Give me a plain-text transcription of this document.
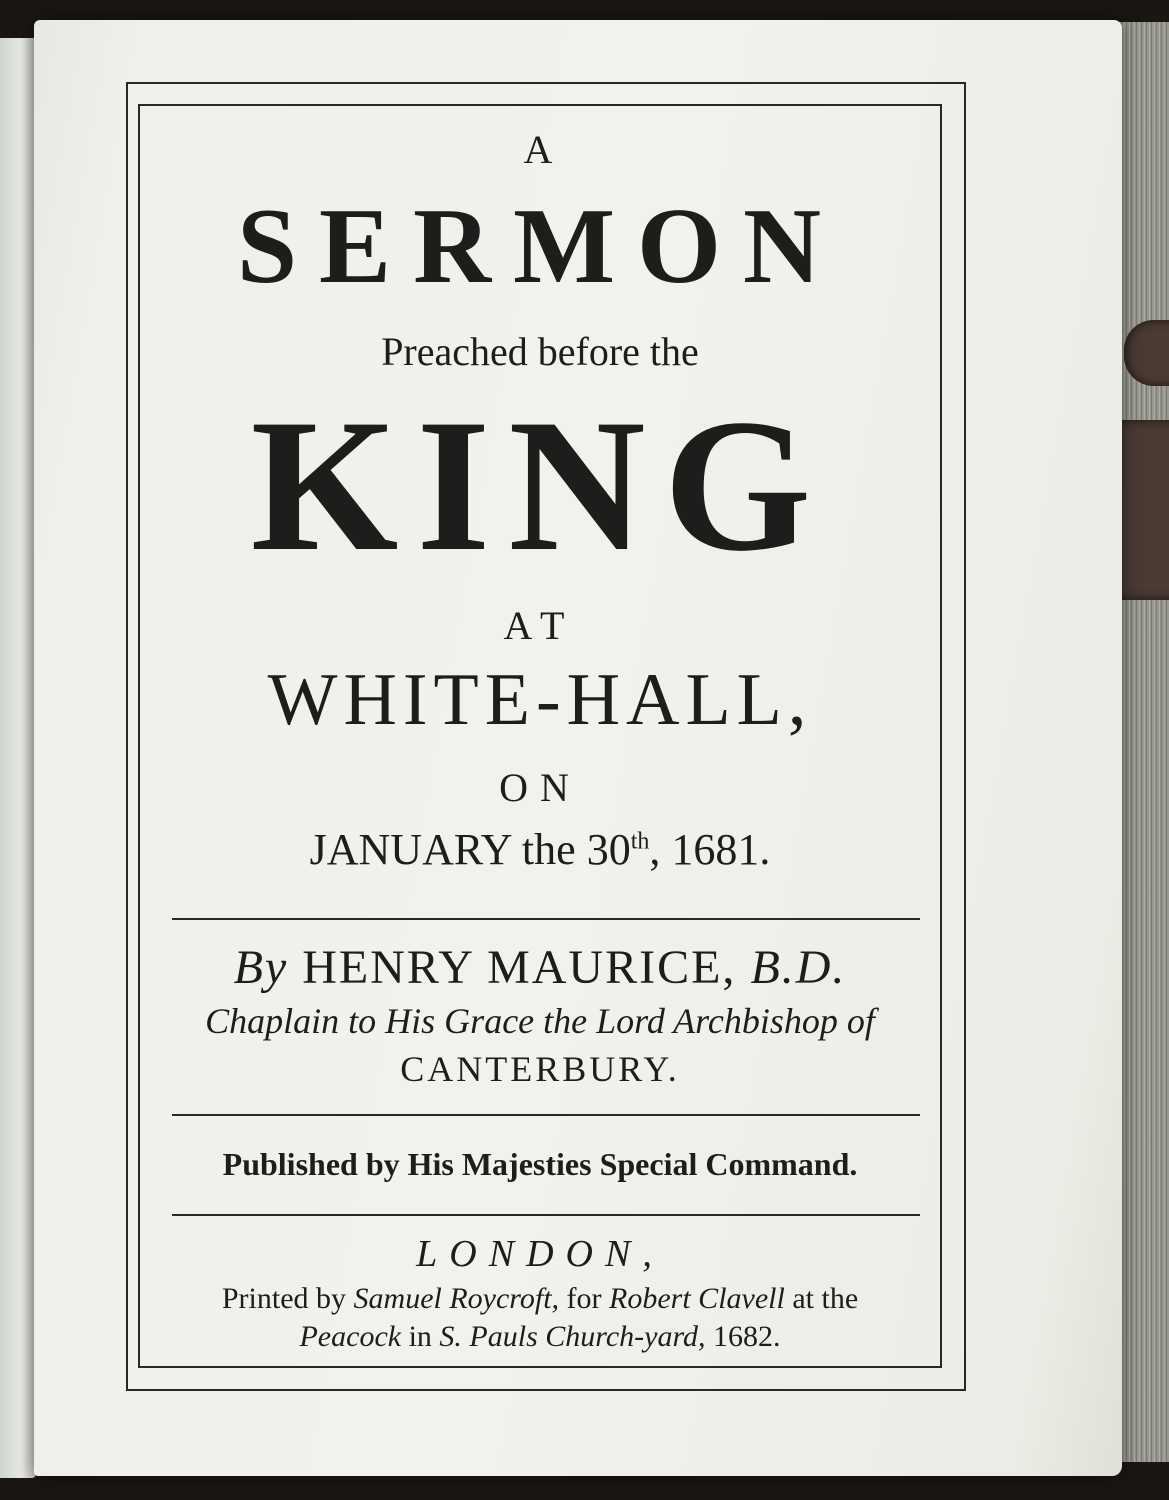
A

SERMON

Preached before the

KING

AT

WHITE-HALL,

ON

JANUARY the 30th, 1681.

By HENRY MAURICE, B.D.

Chaplain to His Grace the Lord Archbishop of

CANTERBURY.

Published by His Majesties Special Command.

LONDON,

Printed by Samuel Roycroft, for Robert Clavell at the

Peacock in S. Pauls Church-yard, 1682.
